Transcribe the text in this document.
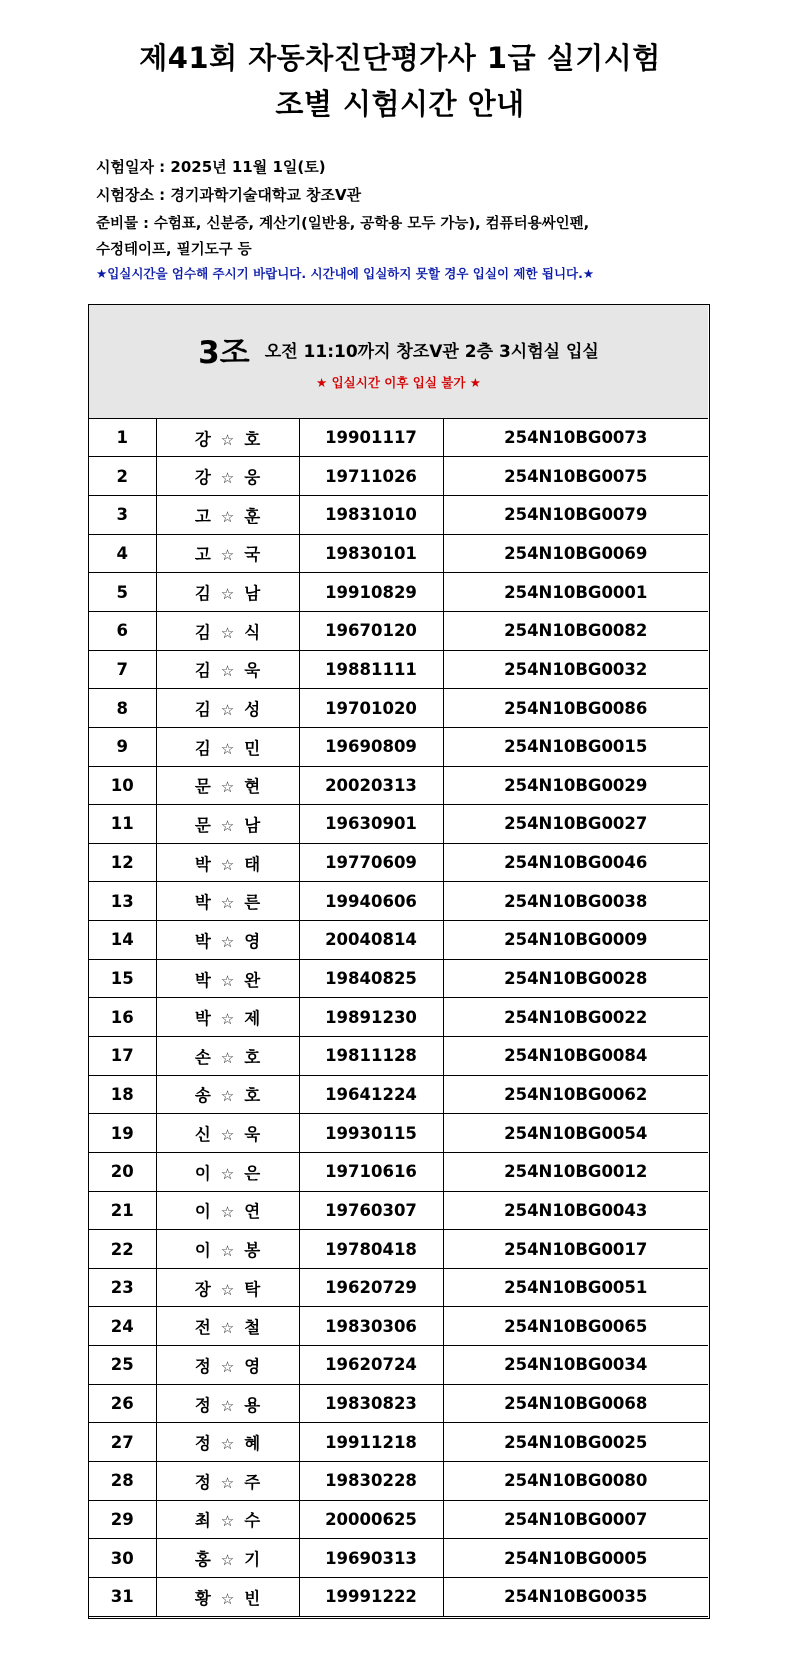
제41회 자동차진단평가사 1급 실기시험
조별 시험시간 안내
시험일자 : 2025년 11월 1일(토)
시험장소 : 경기과학기술대학교 창조V관
준비물 : 수험표, 신분증, 계산기(일반용, 공학용 모두 가능), 컴퓨터용싸인펜,
수정테이프, 필기도구 등
★입실시간을 엄수해 주시기 바랍니다. 시간내에 입실하지 못할 경우 입실이 제한 됩니다.★
3조 오전 11:10까지 창조V관 2층 3시험실 입실
★ 입실시간 이후 입실 불가 ★
1	강 ☆ 호	19901117	254N10BG0073
2	강 ☆ 웅	19711026	254N10BG0075
3	고 ☆ 훈	19831010	254N10BG0079
4	고 ☆ 국	19830101	254N10BG0069
5	김 ☆ 남	19910829	254N10BG0001
6	김 ☆ 식	19670120	254N10BG0082
7	김 ☆ 욱	19881111	254N10BG0032
8	김 ☆ 성	19701020	254N10BG0086
9	김 ☆ 민	19690809	254N10BG0015
10	문 ☆ 현	20020313	254N10BG0029
11	문 ☆ 남	19630901	254N10BG0027
12	박 ☆ 태	19770609	254N10BG0046
13	박 ☆ 른	19940606	254N10BG0038
14	박 ☆ 영	20040814	254N10BG0009
15	박 ☆ 완	19840825	254N10BG0028
16	박 ☆ 제	19891230	254N10BG0022
17	손 ☆ 호	19811128	254N10BG0084
18	송 ☆ 호	19641224	254N10BG0062
19	신 ☆ 욱	19930115	254N10BG0054
20	이 ☆ 은	19710616	254N10BG0012
21	이 ☆ 연	19760307	254N10BG0043
22	이 ☆ 봉	19780418	254N10BG0017
23	장 ☆ 탁	19620729	254N10BG0051
24	전 ☆ 철	19830306	254N10BG0065
25	정 ☆ 영	19620724	254N10BG0034
26	정 ☆ 용	19830823	254N10BG0068
27	정 ☆ 혜	19911218	254N10BG0025
28	정 ☆ 주	19830228	254N10BG0080
29	최 ☆ 수	20000625	254N10BG0007
30	홍 ☆ 기	19690313	254N10BG0005
31	황 ☆ 빈	19991222	254N10BG0035
